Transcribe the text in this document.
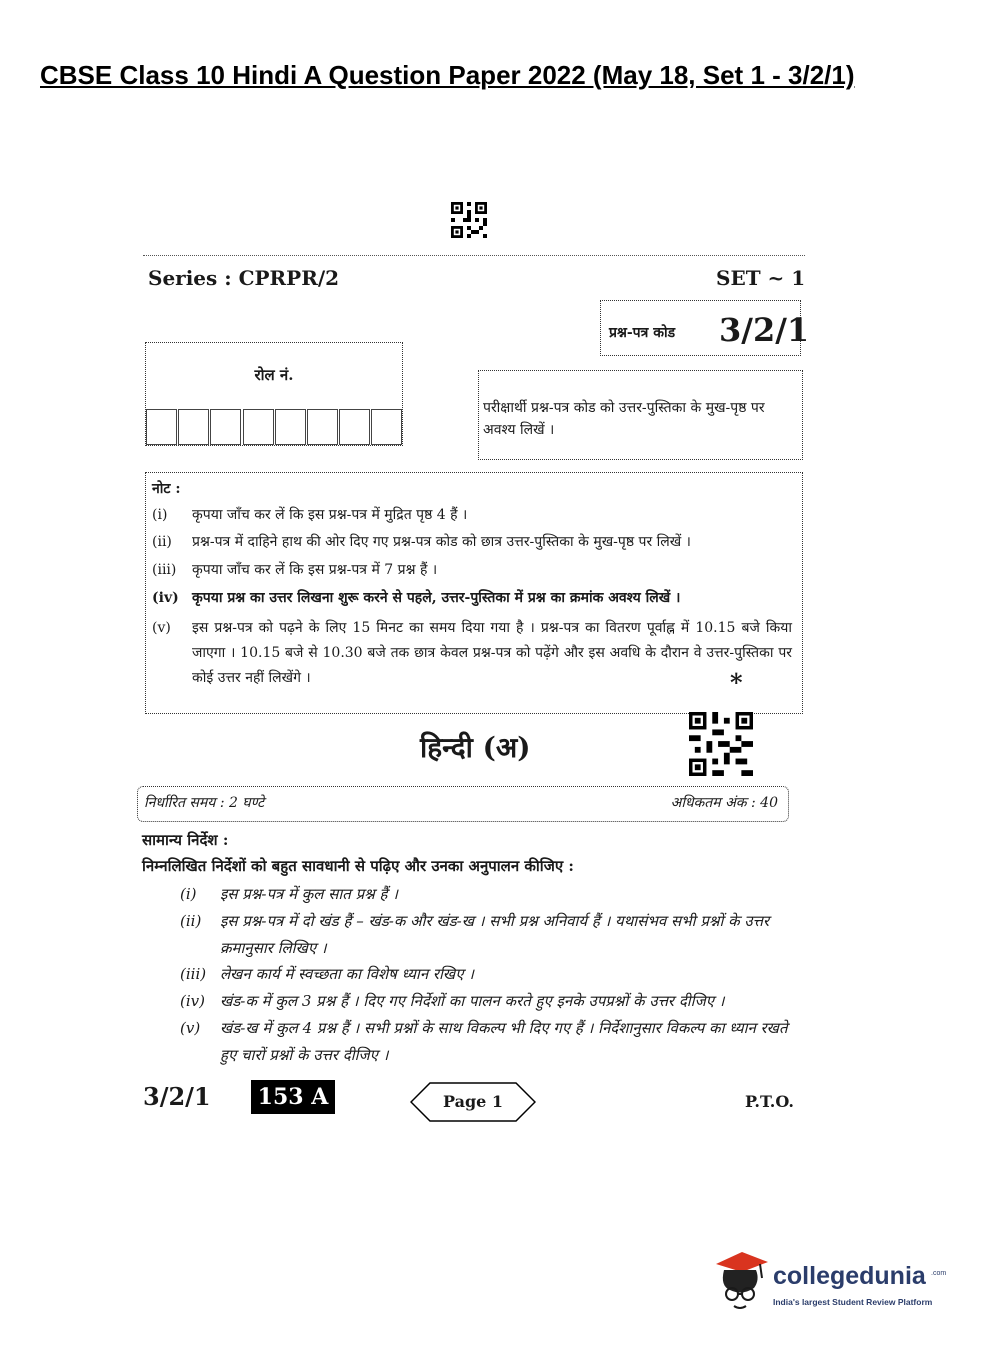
CBSE Class 10 Hindi A Question Paper 2022 (May 18, Set 1 - 3/2/1)
Series : CPRPR/2	SET ~ 1
प्रश्न-पत्र कोड 3/2/1
रोल नं.
परीक्षार्थी प्रश्न-पत्र कोड को उत्तर-पुस्तिका के मुख-पृष्ठ पर अवश्य लिखें ।
नोट :
(i)	कृपया जाँच कर लें कि इस प्रश्न-पत्र में मुद्रित पृष्ठ 4 हैं ।
(ii)	प्रश्न-पत्र में दाहिने हाथ की ओर दिए गए प्रश्न-पत्र कोड को छात्र उत्तर-पुस्तिका के मुख-पृष्ठ पर लिखें ।
(iii)	कृपया जाँच कर लें कि इस प्रश्न-पत्र में 7 प्रश्न हैं ।
(iv) कृपया प्रश्न का उत्तर लिखना शुरू करने से पहले, उत्तर-पुस्तिका में प्रश्न का क्रमांक अवश्य लिखें ।
(v)	इस प्रश्न-पत्र को पढ़ने के लिए 15 मिनट का समय दिया गया है । प्रश्न-पत्र का वितरण पूर्वाह्न में 10.15 बजे किया जाएगा । 10.15 बजे से 10.30 बजे तक छात्र केवल प्रश्न-पत्र को पढ़ेंगे और इस अवधि के दौरान वे उत्तर-पुस्तिका पर कोई उत्तर नहीं लिखेंगे ।	*
हिन्दी (अ)
निर्धारित समय : 2 घण्टे	अधिकतम अंक : 40
सामान्य निर्देश :
निम्नलिखित निर्देशों को बहुत सावधानी से पढ़िए और उनका अनुपालन कीजिए :
(i)	इस प्रश्न-पत्र में कुल सात प्रश्न हैं ।
(ii)	इस प्रश्न-पत्र में दो खंड हैं – खंड-क और खंड-ख । सभी प्रश्न अनिवार्य हैं । यथासंभव सभी प्रश्नों के उत्तर क्रमानुसार लिखिए ।
(iii) लेखन कार्य में स्वच्छता का विशेष ध्यान रखिए ।
(iv)	खंड-क में कुल 3 प्रश्न हैं । दिए गए निर्देशों का पालन करते हुए इनके उपप्रश्नों के उत्तर दीजिए ।
(v)	खंड-ख में कुल 4 प्रश्न हैं । सभी प्रश्नों के साथ विकल्प भी दिए गए हैं । निर्देशानुसार विकल्प का ध्यान रखते हुए चारों प्रश्नों के उत्तर दीजिए ।
3/2/1	153 A	Page 1	P.T.O.
collegedunia .com
India's largest Student Review Platform
